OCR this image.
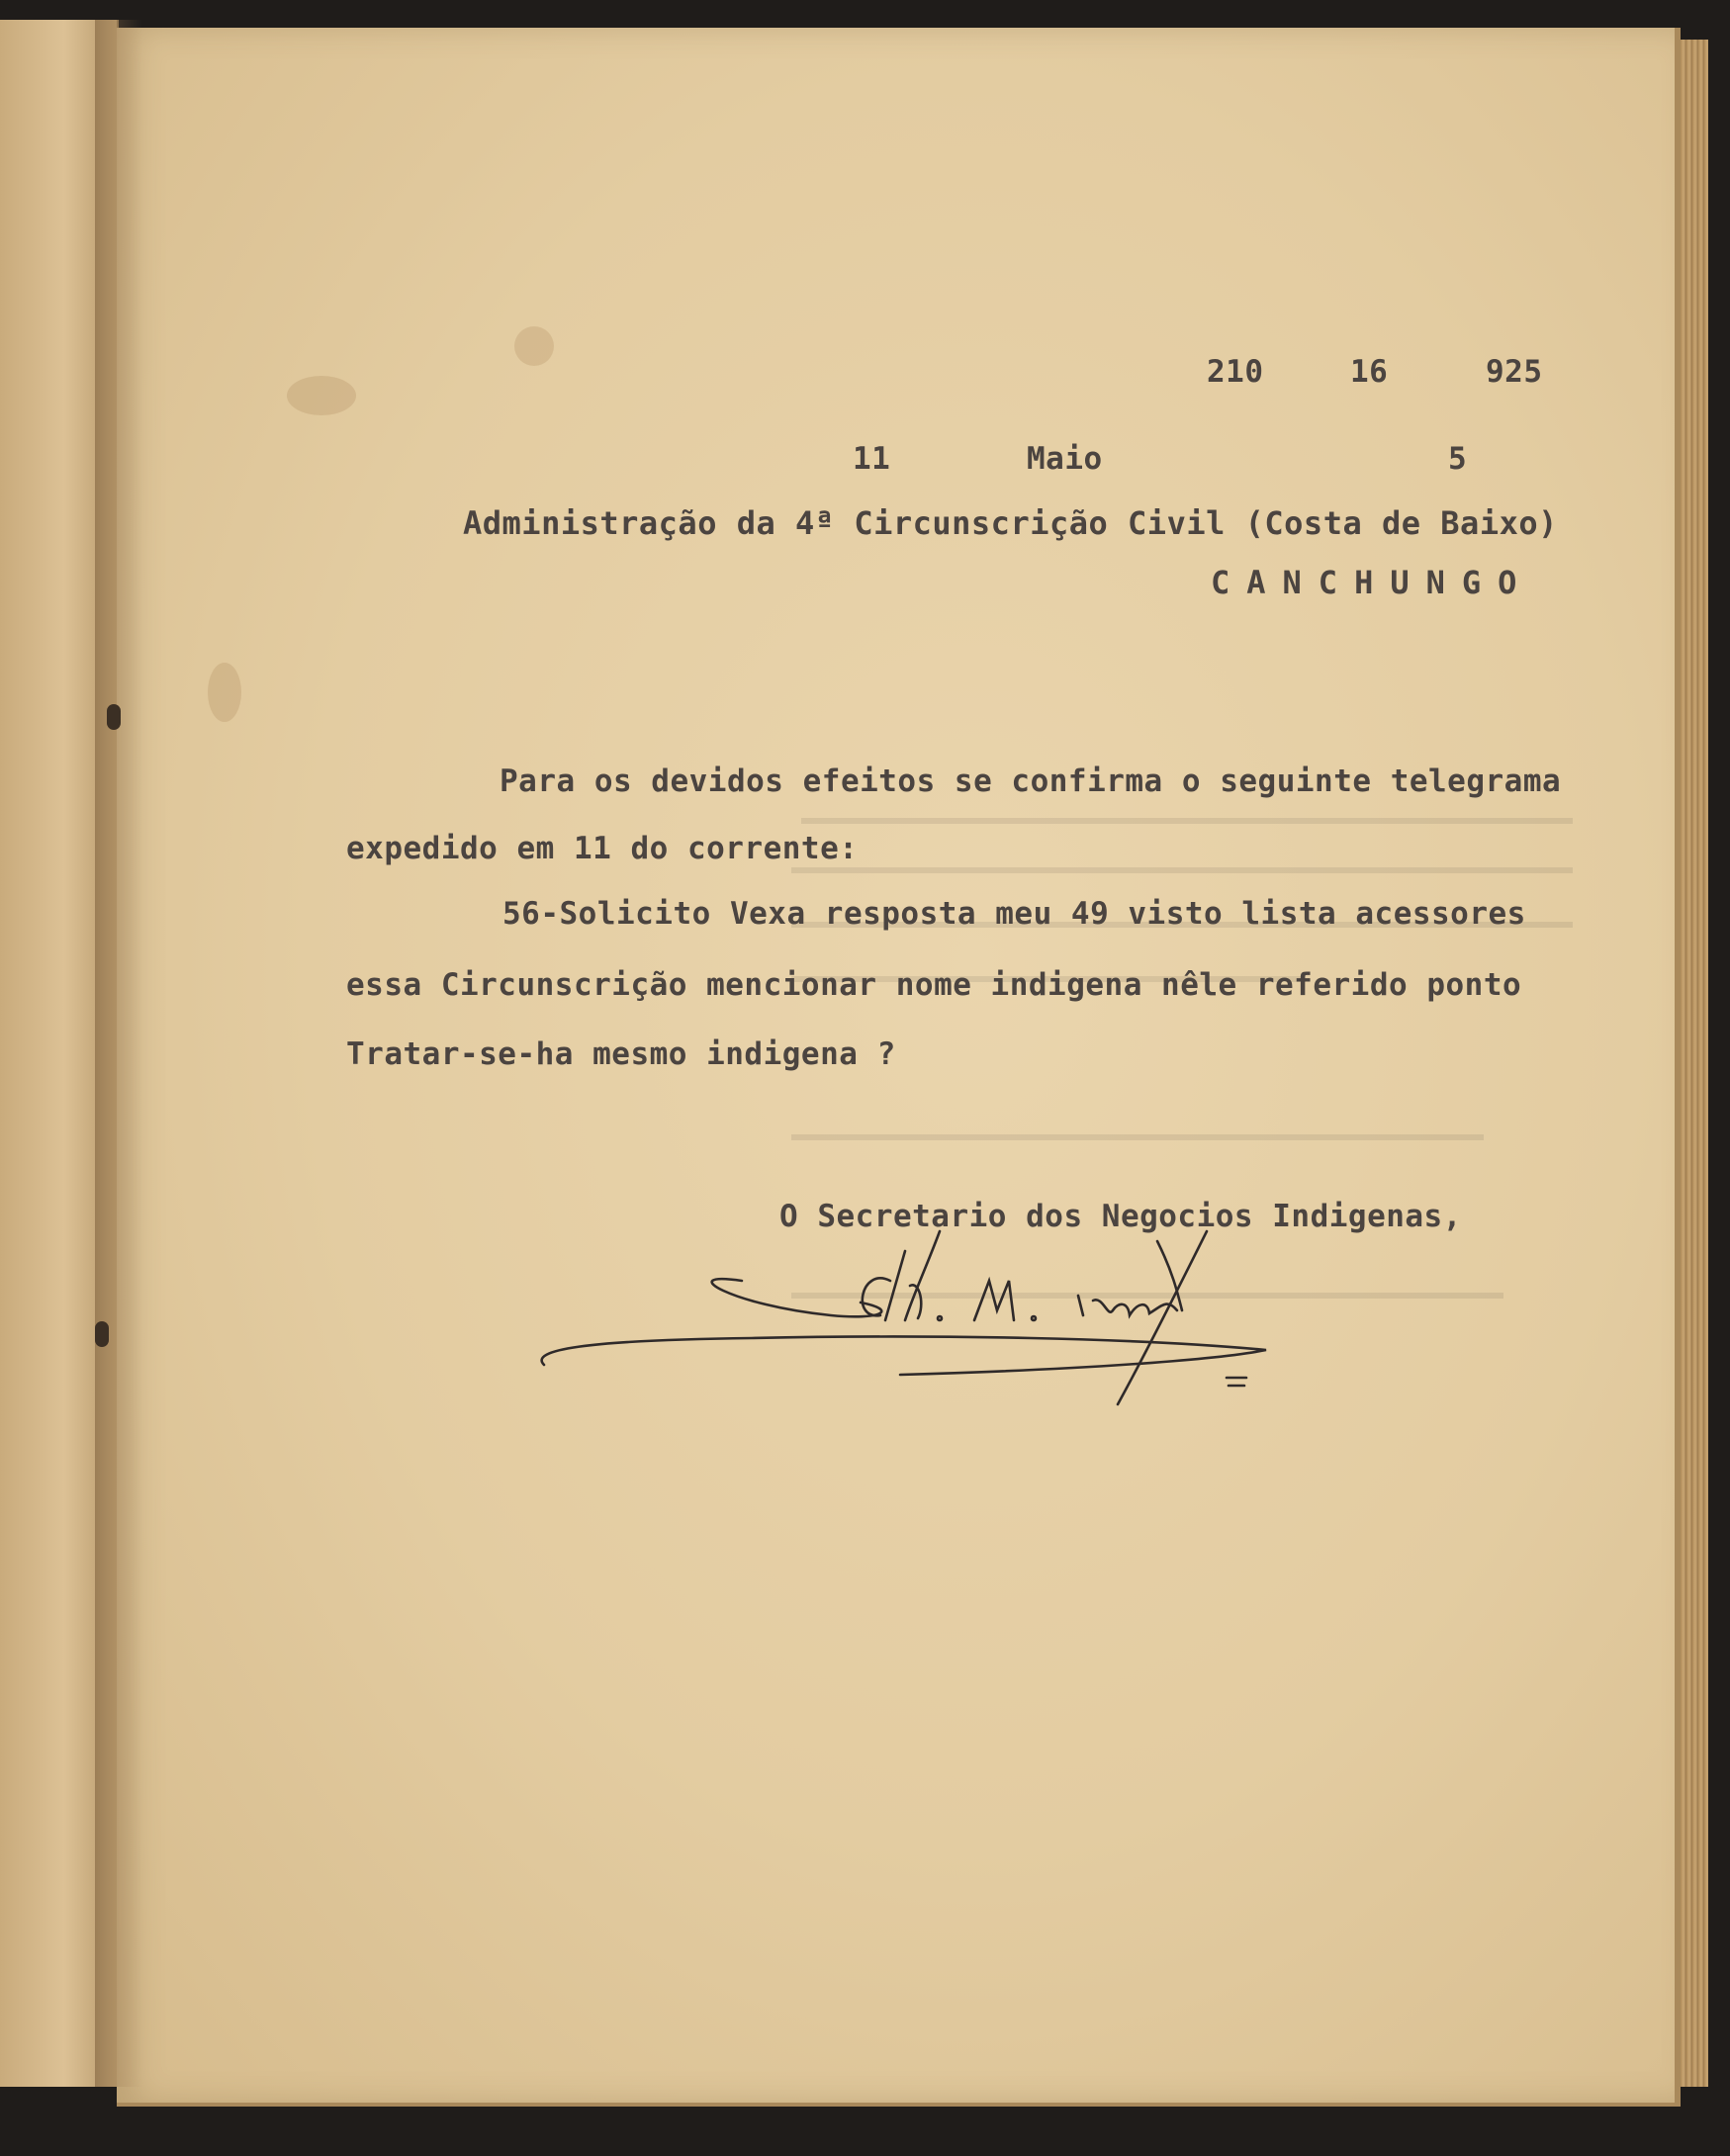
210	16	925
11	Maio	5
Administração da 4ª Circunscrição Civil (Costa de Baixo)
CANCHUNGO
Para os devidos efeitos se confirma o seguinte telegrama
expedido em 11 do corrente:
56-Solicito Vexa resposta meu 49 visto lista acessores
essa Circunscrição mencionar nome indigena nêle referido ponto
Tratar-se-ha mesmo indigena ?
O Secretario dos Negocios Indigenas,
